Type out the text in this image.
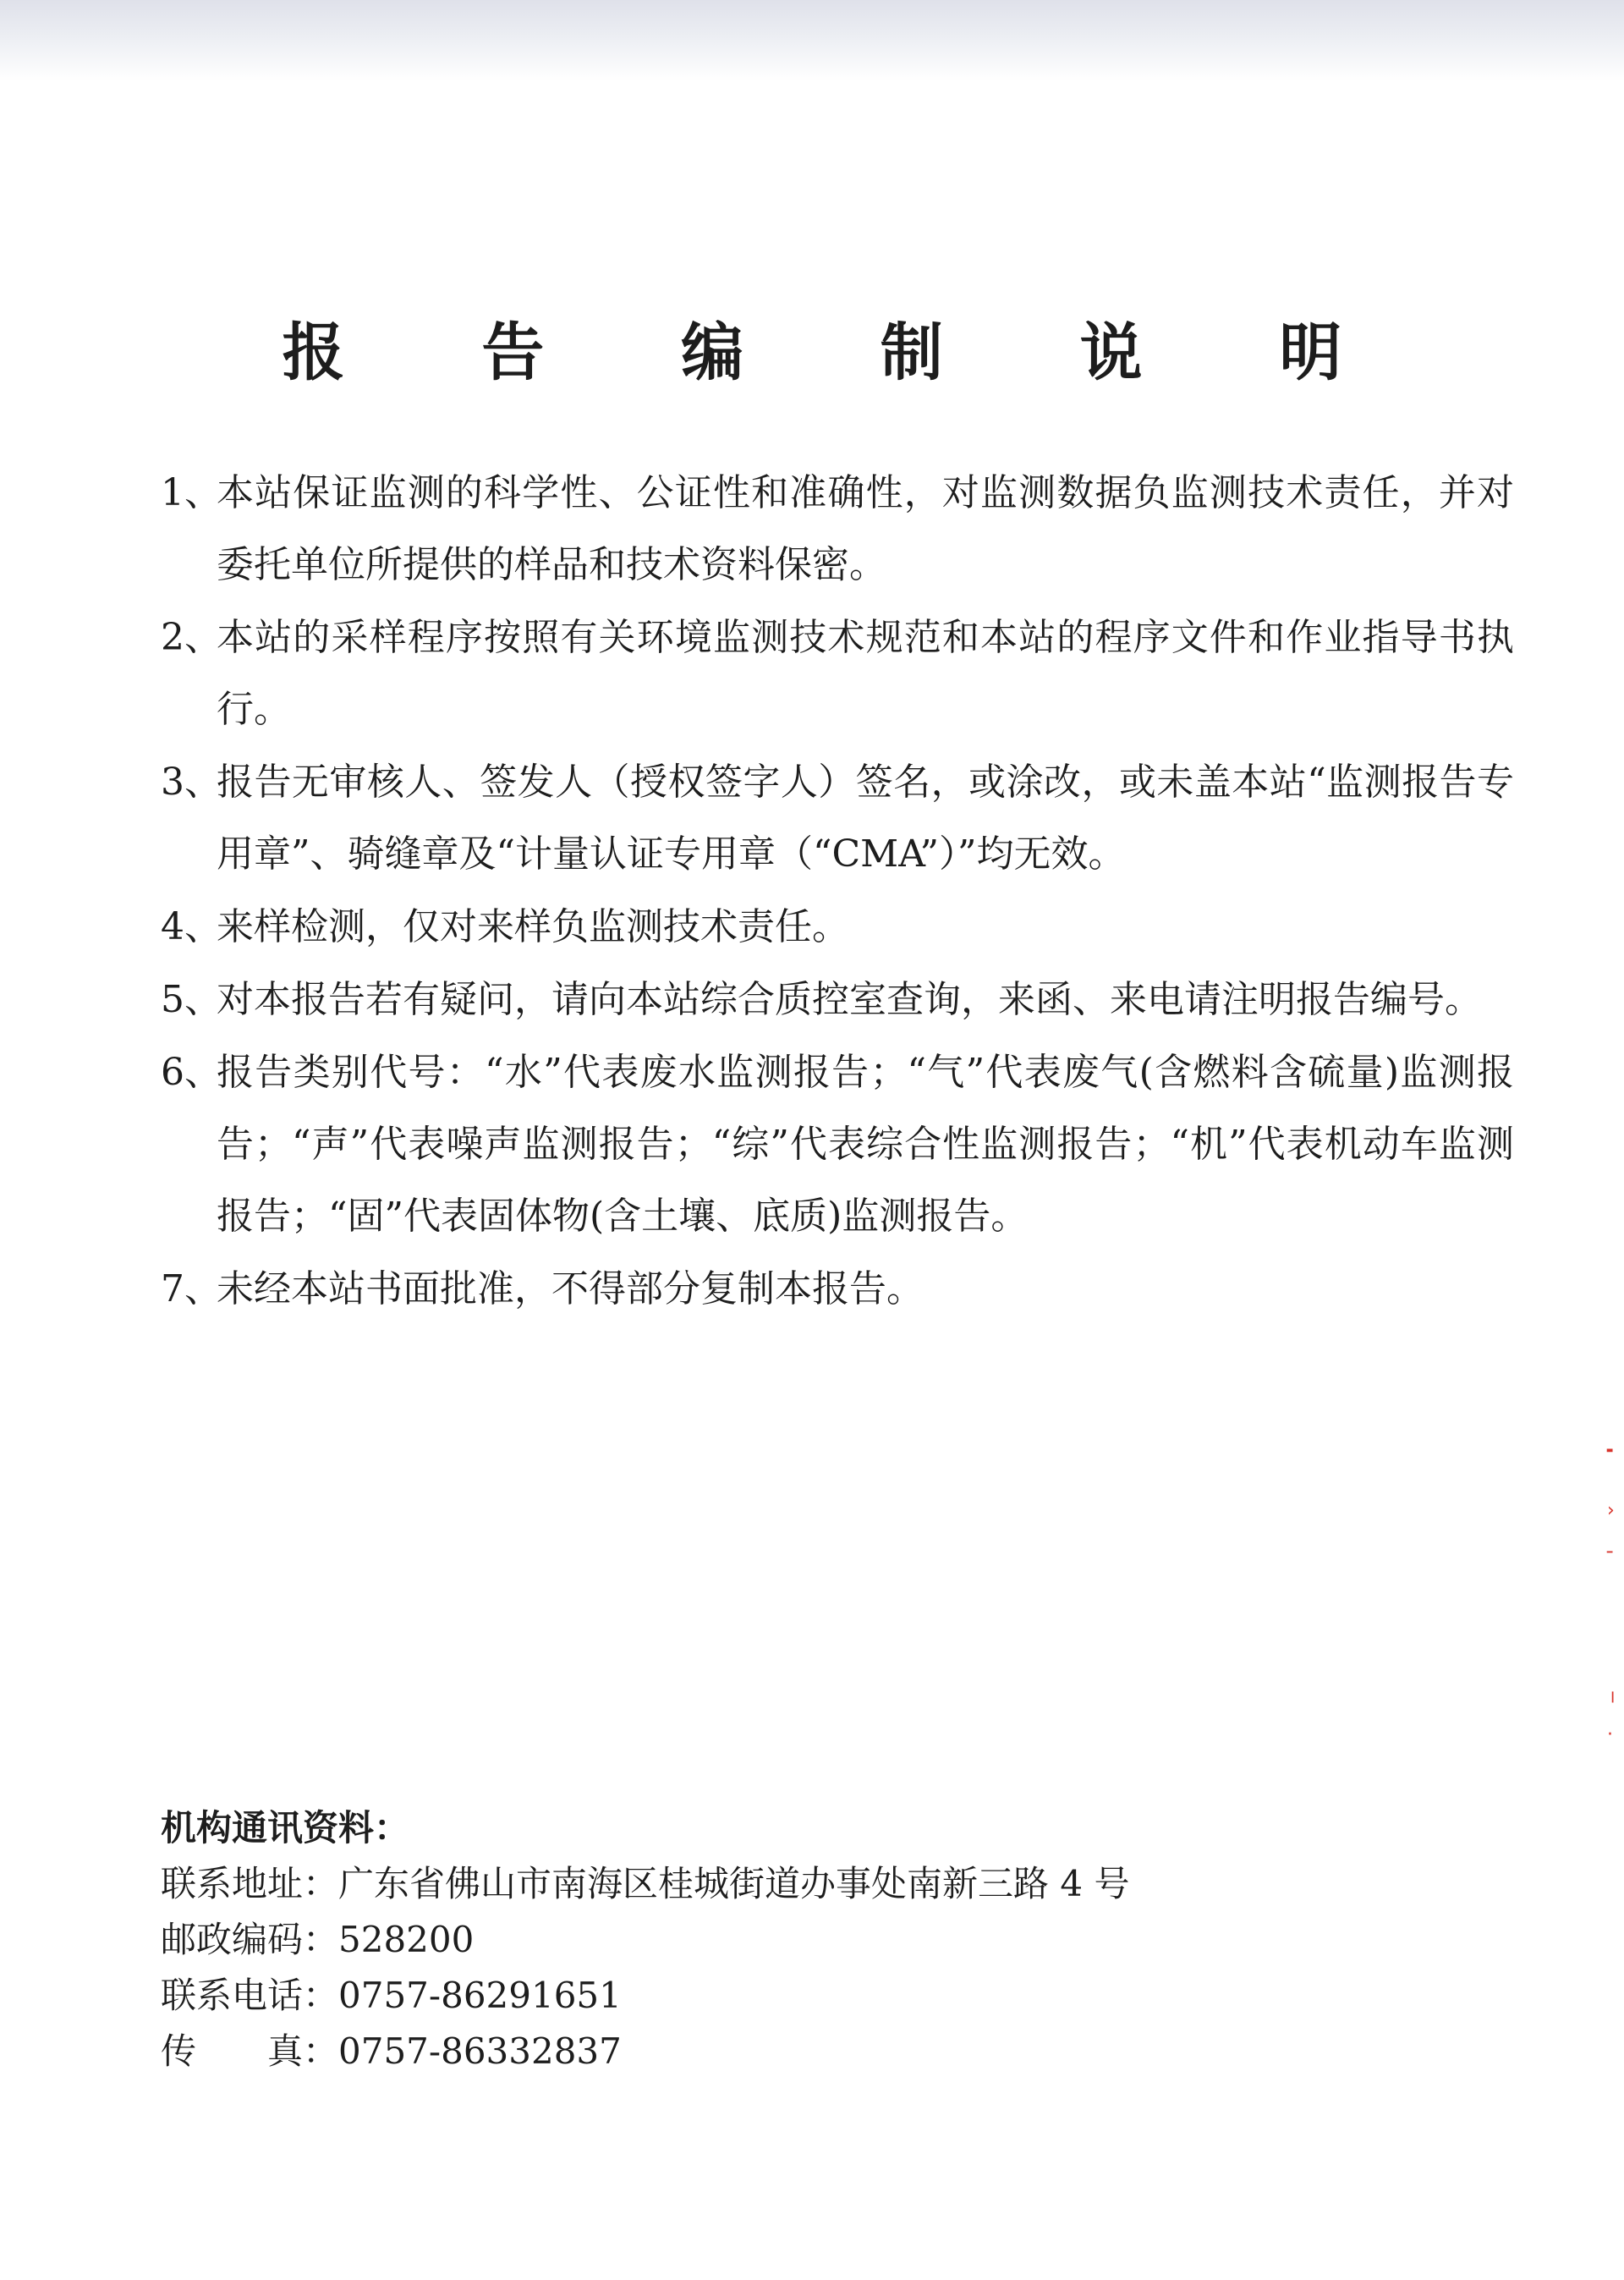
报 告 编 制 说 明
1、
本站保证监测的科学性、公证性和准确性，对监测数据负监测技术责任，并对委托单位所提供的样品和技术资料保密。
2、
本站的采样程序按照有关环境监测技术规范和本站的程序文件和作业指导书执行。
3、
报告无审核人、签发人（授权签字人）签名，或涂改，或未盖本站“监测报告专用章”、骑缝章及“计量认证专用章（“CMA”）”均无效。
4、
来样检测，仅对来样负监测技术责任。
5、
对本报告若有疑问，请向本站综合质控室查询，来函、来电请注明报告编号。
6、
报告类别代号：“水”代表废水监测报告；“气”代表废气(含燃料含硫量)监测报告；“声”代表噪声监测报告；“综”代表综合性监测报告；“机”代表机动车监测报告；“固”代表固体物(含土壤、底质)监测报告。
7、
未经本站书面批准，不得部分复制本报告。
机构通讯资料：
联系地址：广东省佛山市南海区桂城街道办事处南新三路 4 号
邮政编码：528200
联系电话：0757-86291651
传　　真：0757-86332837
╸
›
╴
╷
·
